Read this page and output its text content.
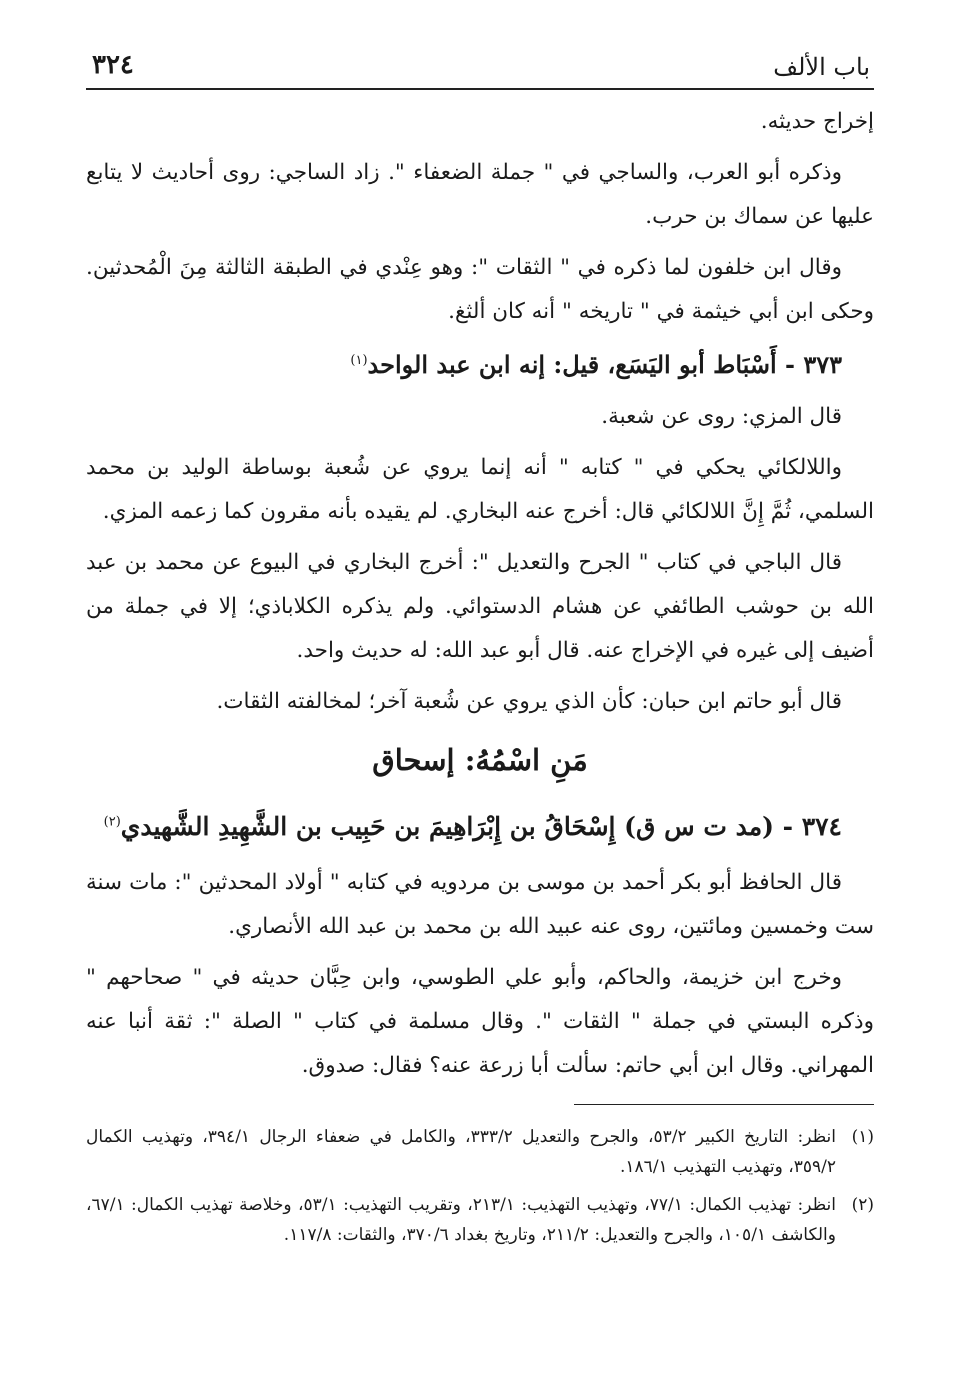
باب الألف
٣٢٤

إخراج حديثه.

وذكره أبو العرب، والساجي في " جملة الضعفاء ". زاد الساجي: روى أحاديث لا يتابع عليها عن سماك بن حرب.

وقال ابن خلفون لما ذكره في " الثقات ": وهو عِنْدي في الطبقة الثالثة مِنَ الْمُحدثين. وحكى ابن أبي خيثمة في " تاريخه " أنه كان ألثغ.

٣٧٣ - أَسْبَاط أبو اليَسَع، قيل: إنه ابن عبد الواحد$^{(١)}$

قال المزي: روى عن شعبة.

واللالكائي يحكي في " كتابه " أنه إنما يروي عن شُعبة بوساطة الوليد بن محمد السلمي، ثُمَّ إِنَّ اللالكائي قال: أخرج عنه البخاري. لم يقيده بأنه مقرون كما زعمه المزي.

قال الباجي في كتاب " الجرح والتعديل ": أخرج البخاري في البيوع عن محمد بن عبد الله بن حوشب الطائفي عن هشام الدستوائي. ولم يذكره الكلاباذي؛ إلا في جملة من أضيف إلى غيره في الإخراج عنه. قال أبو عبد الله: له حديث واحد.

قال أبو حاتم ابن حبان: كأن الذي يروي عن شُعبة آخر؛ لمخالفته الثقات.

مَنِ اسْمُهُ: إسحاق
٣٧٤ - (مد ت س ق) إِسْحَاقُ بن إِبْرَاهِيمَ بن حَبِيب بن الشَّهِيدِ الشَّهيدي$^{(٢)}$

قال الحافظ أبو بكر أحمد بن موسى بن مردويه في كتابه " أولاد المحدثين ": مات سنة ست وخمسين ومائتين، روى عنه عبيد الله بن محمد بن عبد الله الأنصاري.

وخرج ابن خزيمة، والحاكم، وأبو علي الطوسي، وابن حِبَّان حديثه في " صحاحهم " وذكره البستي في جملة " الثقات ". وقال مسلمة في كتاب " الصلة ": ثقة أنبا عنه المهراني. وقال ابن أبي حاتم: سألت أبا زرعة عنه؟ فقال: صدوق.

(١)
انظر: التاريخ الكبير ٥٣/٢، والجرح والتعديل ٣٣٣/٢، والكامل في ضعفاء الرجال ٣٩٤/١، وتهذيب الكمال ٣٥٩/٢، وتهذيب التهذيب ١٨٦/١.

(٢)
انظر: تهذيب الكمال: ٧٧/١، وتهذيب التهذيب: ٢١٣/١، وتقريب التهذيب: ٥٣/١، وخلاصة تهذيب الكمال: ٦٧/١، والكاشف ١٠٥/١، والجرح والتعديل: ٢١١/٢، وتاريخ بغداد ٣٧٠/٦، والثقات: ١١٧/٨.
